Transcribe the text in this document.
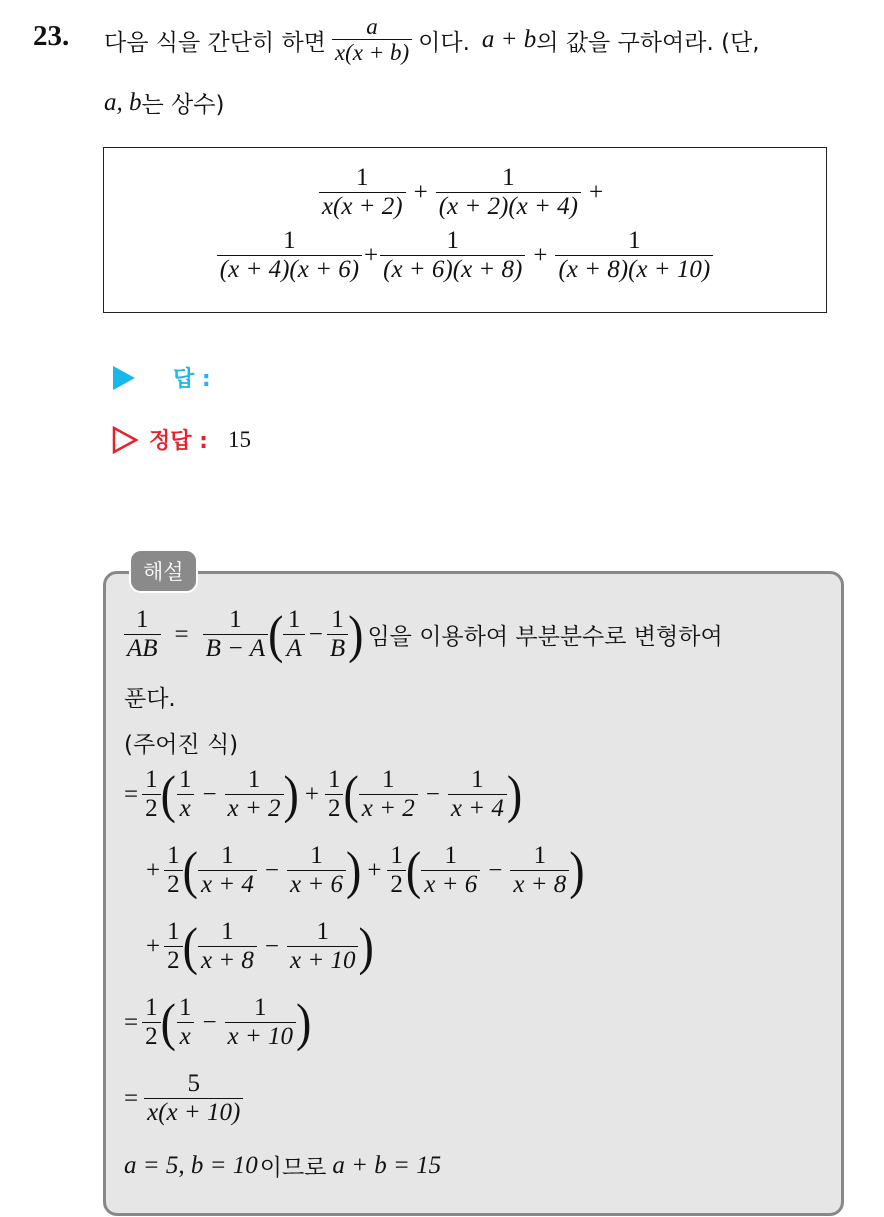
23. 다음 식을 간단히 하면 $\frac{a}{x(x + b)}$ 이다. a + b 의 값을 구하여라. (단,
a, b 는 상수)
$\frac{1}{x(x + 2)} + \frac{1}{(x + 2)(x + 4)}$ +
$\frac{1}{(x + 4)(x + 6)} + \frac{1}{(x + 6)(x + 8)} + \frac{1}{(x + 8)(x + 10)}$
답 :
정답 : 15
해설
$\frac{1}{AB} = \frac{1}{B - A}$ ( $\frac{1}{A} - \frac{1}{B}$ ) 임을 이용하여 부분분수로 변형하여
푼다.
(주어진 식)
= $\frac{1}{2}$ ( $\frac{1}{x} - \frac{1}{x + 2}$ ) + $\frac{1}{2}$ ( $\frac{1}{x + 2} - \frac{1}{x + 4}$ )
+ $\frac{1}{2}$ ( $\frac{1}{x + 4} - \frac{1}{x + 6}$ ) + $\frac{1}{2}$ ( $\frac{1}{x + 6} - \frac{1}{x + 8}$ )
+ $\frac{1}{2}$ ( $\frac{1}{x + 8} - \frac{1}{x + 10}$ )
= $\frac{1}{2}$ ( $\frac{1}{x} - \frac{1}{x + 10}$ )
= $\frac{5}{x(x + 10)}$
a = 5, b = 10 이므로 a + b = 15
